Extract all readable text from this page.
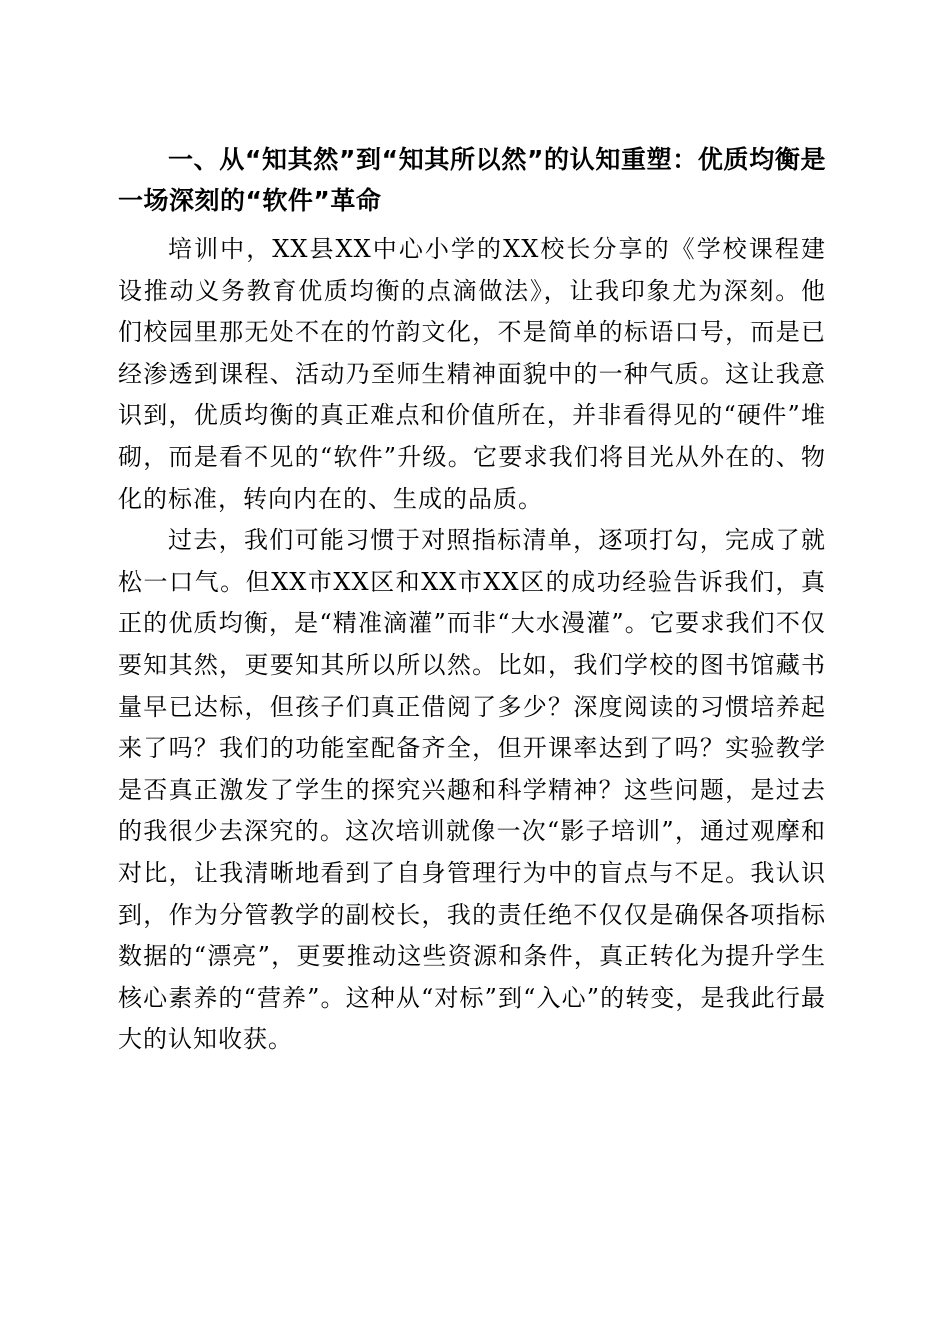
一、从“知其然”到“知其所以然”的认知重塑：优质均衡是一场深刻的“软件”革命

培训中，XX县XX中心小学的XX校长分享的《学校课程建设推动义务教育优质均衡的点滴做法》，让我印象尤为深刻。他们校园里那无处不在的竹韵文化，不是简单的标语口号，而是已经渗透到课程、活动乃至师生精神面貌中的一种气质。这让我意识到，优质均衡的真正难点和价值所在，并非看得见的“硬件”堆砌，而是看不见的“软件”升级。它要求我们将目光从外在的、物化的标准，转向内在的、生成的品质。

过去，我们可能习惯于对照指标清单，逐项打勾，完成了就松一口气。但XX市XX区和XX市XX区的成功经验告诉我们，真正的优质均衡，是“精准滴灌”而非“大水漫灌”。它要求我们不仅要知其然，更要知其所以所以然。比如，我们学校的图书馆藏书量早已达标，但孩子们真正借阅了多少？深度阅读的习惯培养起来了吗？我们的功能室配备齐全，但开课率达到了吗？实验教学是否真正激发了学生的探究兴趣和科学精神？这些问题，是过去的我很少去深究的。这次培训就像一次“影子培训”，通过观摩和对比，让我清晰地看到了自身管理行为中的盲点与不足。我认识到，作为分管教学的副校长，我的责任绝不仅仅是确保各项指标数据的“漂亮”，更要推动这些资源和条件，真正转化为提升学生核心素养的“营养”。这种从“对标”到“入心”的转变，是我此行最大的认知收获。
